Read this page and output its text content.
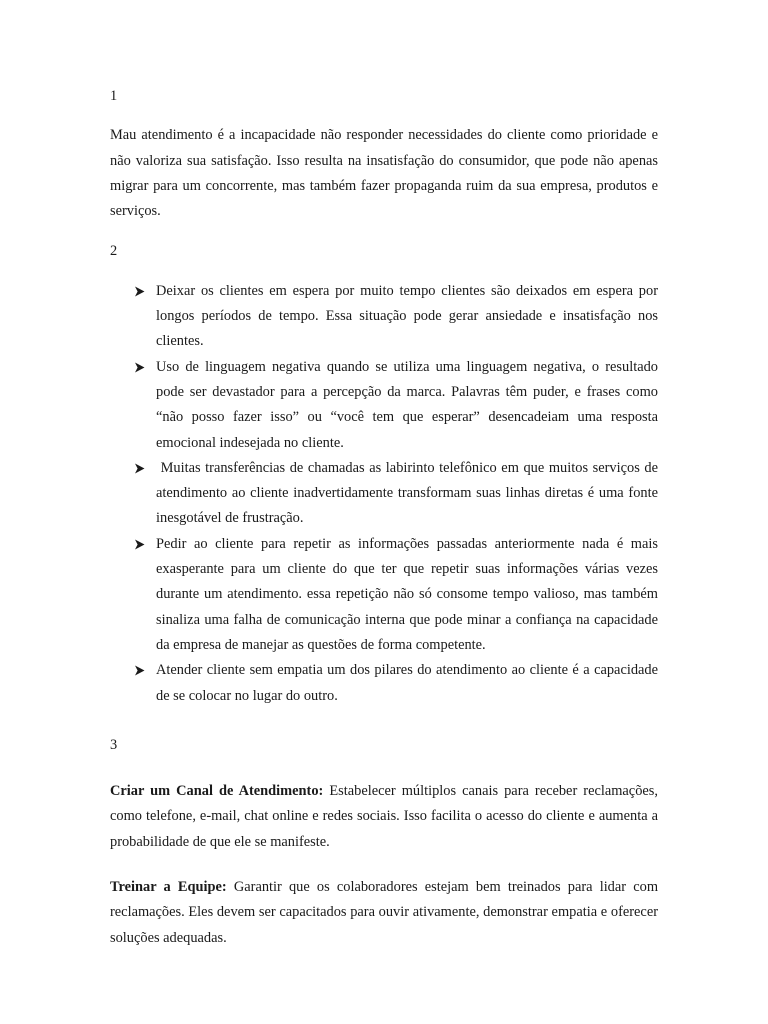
1

Mau atendimento é a incapacidade não responder necessidades do cliente como prioridade e não valoriza sua satisfação. Isso resulta na insatisfação do consumidor, que pode não apenas migrar para um concorrente, mas também fazer propaganda ruim da sua empresa, produtos e serviços.

2

Deixar os clientes em espera por muito tempo clientes são deixados em espera por longos períodos de tempo. Essa situação pode gerar ansiedade e insatisfação nos clientes.
Uso de linguagem negativa quando se utiliza uma linguagem negativa, o resultado pode ser devastador para a percepção da marca. Palavras têm puder, e frases como “não posso fazer isso” ou “você tem que esperar” desencadeiam uma resposta emocional indesejada no cliente.
Muitas transferências de chamadas as labirinto telefônico em que muitos serviços de atendimento ao cliente inadvertidamente transformam suas linhas diretas é uma fonte inesgotável de frustração.
Pedir ao cliente para repetir as informações passadas anteriormente nada é mais exasperante para um cliente do que ter que repetir suas informações várias vezes durante um atendimento. essa repetição não só consome tempo valioso, mas também sinaliza uma falha de comunicação interna que pode minar a confiança na capacidade da empresa de manejar as questões de forma competente.
Atender cliente sem empatia um dos pilares do atendimento ao cliente é a capacidade de se colocar no lugar do outro.

3

Criar um Canal de Atendimento: Estabelecer múltiplos canais para receber reclamações, como telefone, e-mail, chat online e redes sociais. Isso facilita o acesso do cliente e aumenta a probabilidade de que ele se manifeste.

Treinar a Equipe: Garantir que os colaboradores estejam bem treinados para lidar com reclamações. Eles devem ser capacitados para ouvir ativamente, demonstrar empatia e oferecer soluções adequadas.
